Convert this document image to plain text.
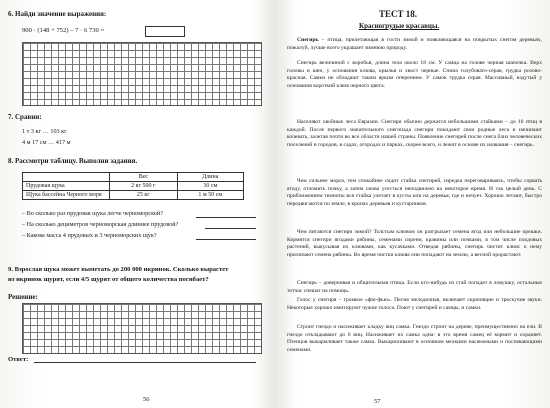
6. Найди значение выражения:
900 · (148 + 752) – 7 · 6 730 =
7. Сравни:
1 т 3 кг … 103 кг
4 м 17 см … 417 м
8. Рассмотри таблицу. Выполни задания.
	Вес	Длина
Прудовая щука	2 кг 500 г	30 см
Щука бассейна Черного моря	25 кг	1 м 50 см
– Во сколько раз прудовая щука легче черноморской?
– На сколько дециметров черноморская длиннее прудовой?
– Какова масса 4 прудовых и 3 черноморских щук?
9. Взрослая щука может выметать до 200 000 икринок. Сколько вырастет
из икринок щурят, если 4/5 щурят от общего количества погибает?
Решение:
Ответ:
56
ТЕСТ 18.
Красногрудые красавцы.
Снегирь – птица, прилетающая в гости зимой и появляющаяся на покрытых снегом деревьях, пожалуй, лучше всего украшает зимнюю природу.
Снегирь величиной с воробья, длина тела около 18 см. У самца на голове черная шапочка. Верх головы и шеи, у основания клюва, крылья и хвост черные. Спина голубовато-серая, грудка розово-красная. Самки не обладают таким ярким оперением. У самок грудка серая. Массивный, вздутый у основания короткий клюв черного цвета.
Населяют хвойные леса Евразии. Снегири обычно держатся небольшими стайками – до 10 птиц в каждой. После первого значительного снегопада снегири покидают свои родные леса и начинают кочевать, залетая почти во все области нашей страны. Появление снегирей после снега близ человеческих поселений и городов, в садах, огородах и парках, скорее всего, и лежит в основе их названия – снегирь.
Чем сильнее мороз, тем спокойнее сидит стайка снегирей, изредка переговариваясь, чтобы сорвать ягоду, отломить почку, а затем снова усесться неподвижно на некоторое время. И так целый день. С приближением темноты вся стайка улетает в кусты или на деревья, где и ночует. Хорошо летают, быстро передвигаются по земле, в кронах деревьев и кустарников.
Чем питаются снегири зимой? Толстым клювом он разгрызает семена ягод или небольшие орешки. Кормятся снегири ягодами рябины, семенами сирени, кравины или почками, в том числе плодовых растений, выкусывая их клювами, как кусачками. Отведав рябины, снегирь чистит клюв: к нему прилипают семена рябины. Во время чистки клюва они попадают на землю, а весной прорастают.
Снегирь – доверчивая и общительная птица. Если кто-нибудь из стай попадет в ловушку, остальные тотчас спешат на помощь.
Голос у снегиря – громкое «фю-фью». Песня мелодичная, включает скрипящие и трескучие звуки. Некоторые хорошо имитируют чужие голоса. Поют у снегирей и самцы, и самки.
Строит гнездо и насиживает кладку яиц самка. Гнездо строит на дереве, преимущественно на ели. В гнездо откладывают до 6 яиц. Насиживает их самка одна: в это время самец её кормит и охраняет. Птенцов выкармливает также самка. Выкармливают в основном мелкими насекомыми и поспевающими семенами.
57
